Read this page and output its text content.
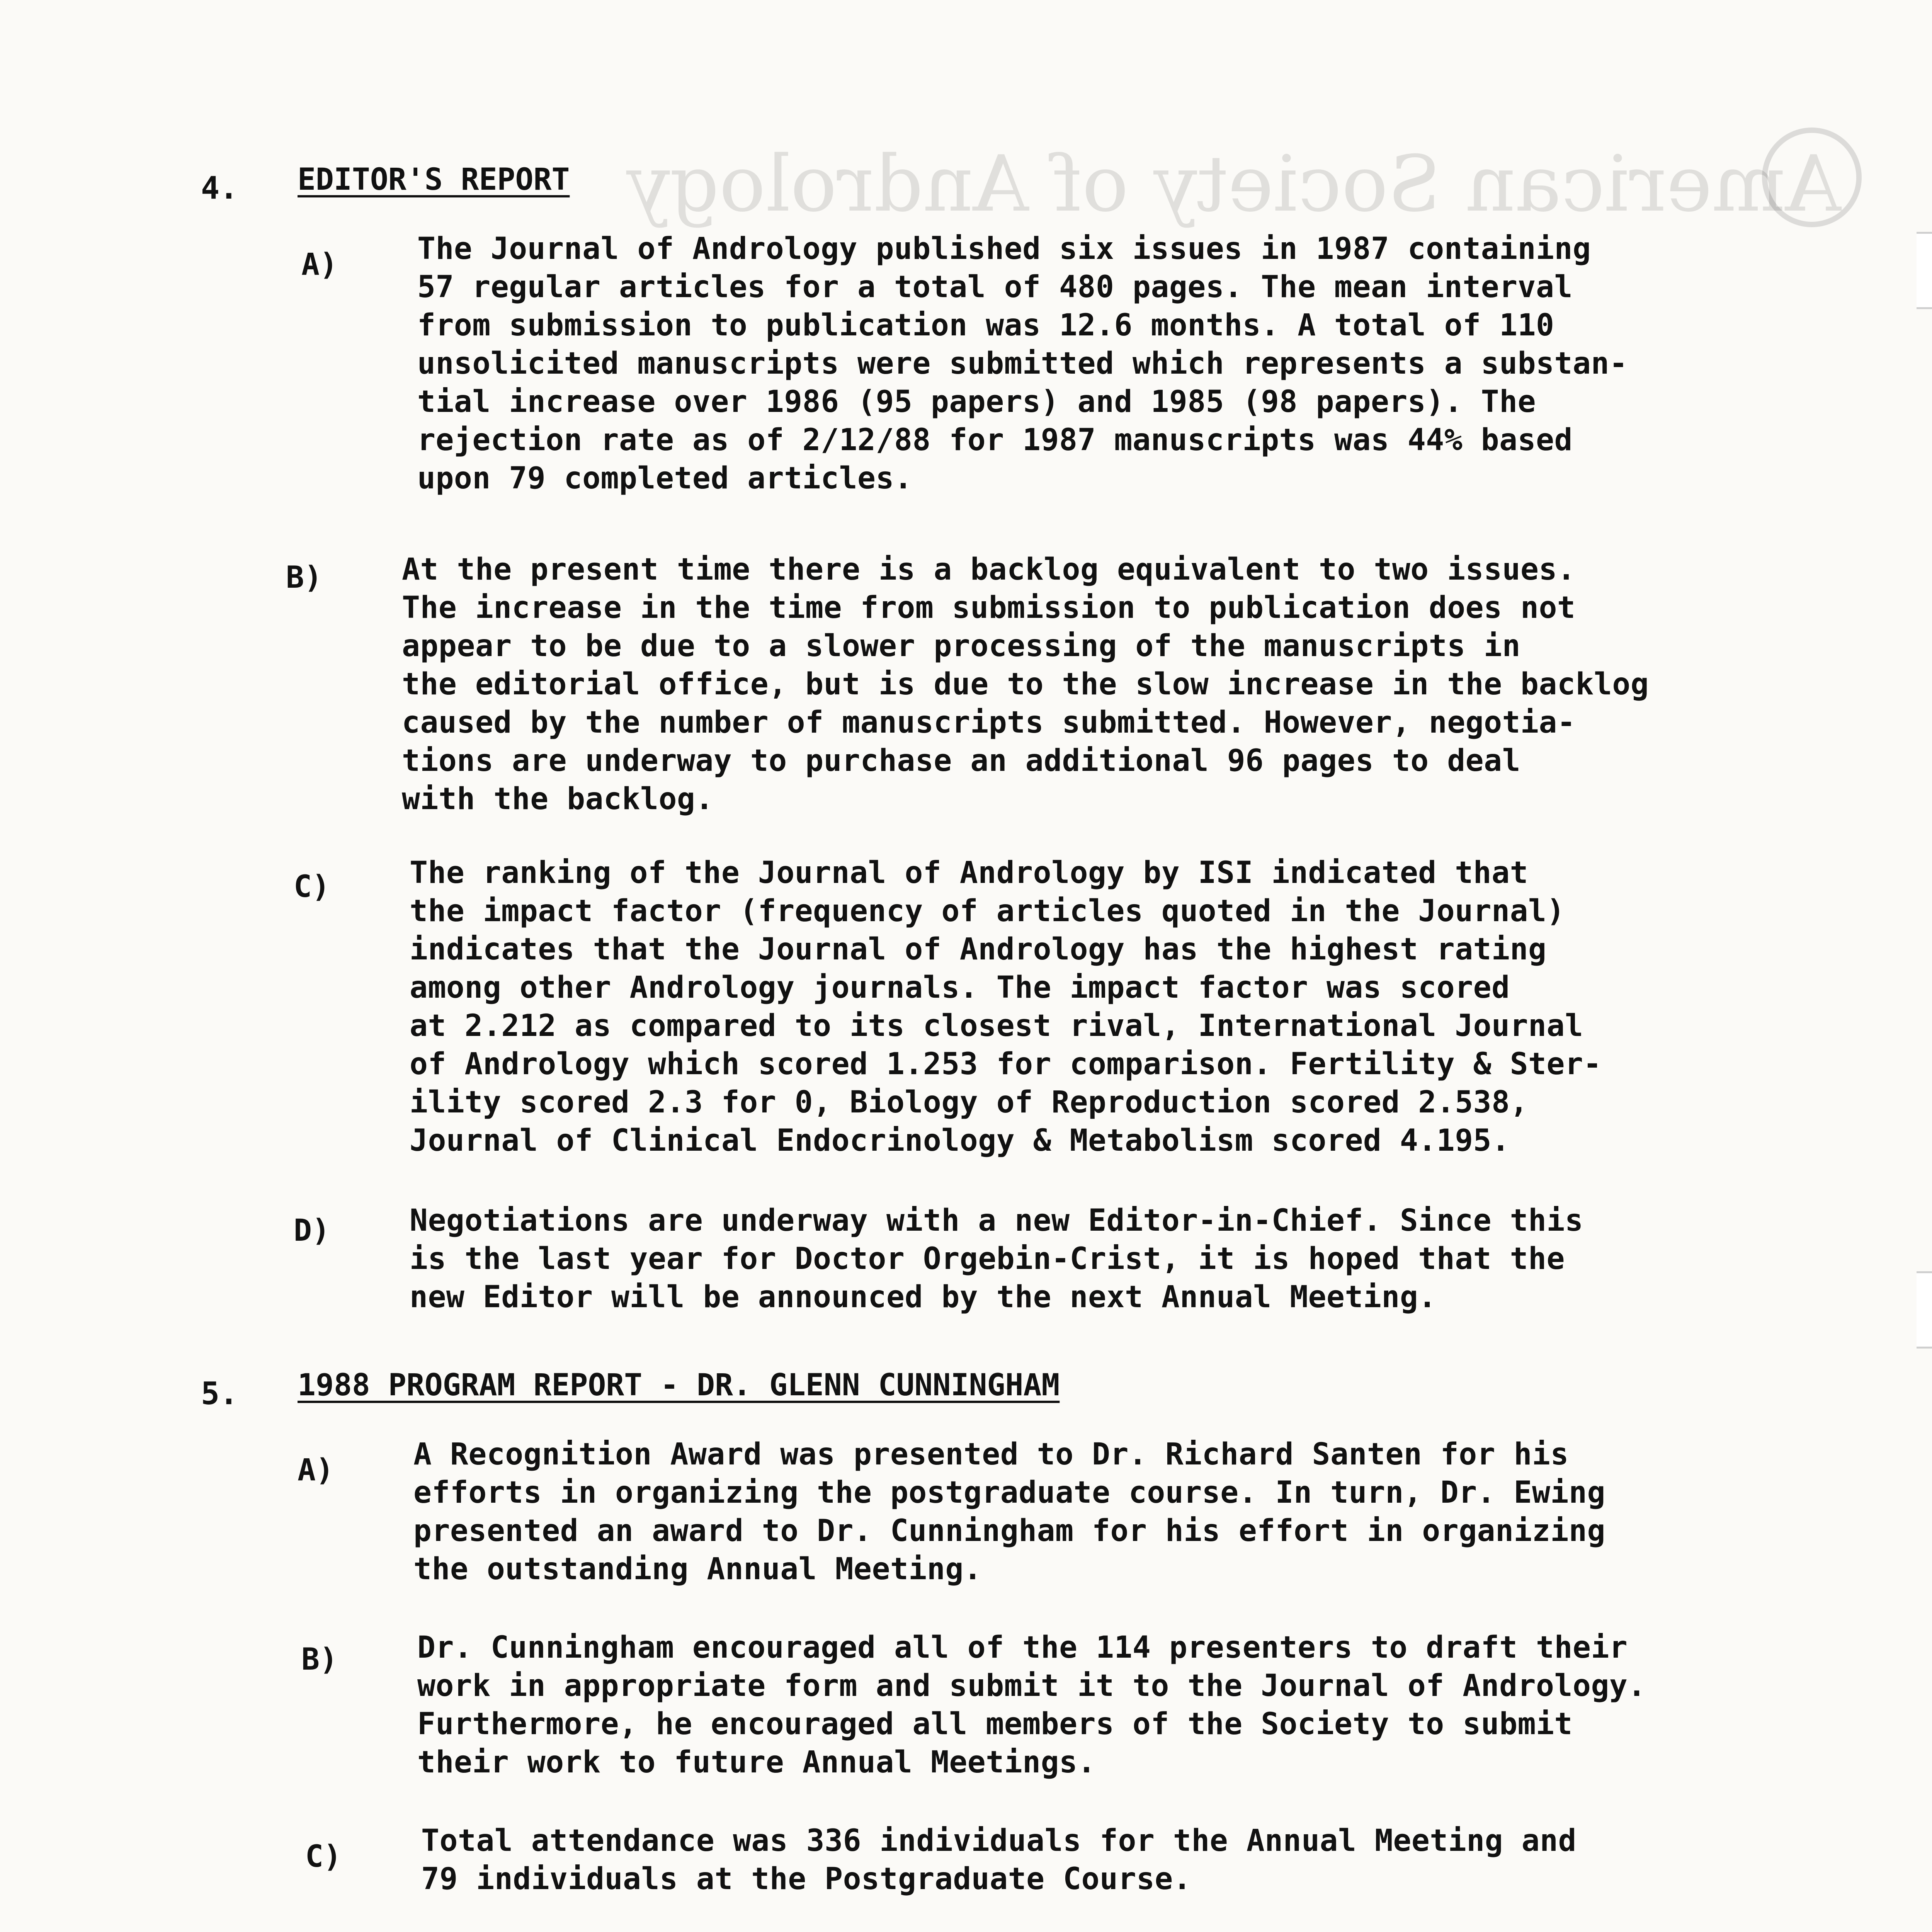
American Society of Andrology
4. EDITOR'S REPORT
A)	The Journal of Andrology published six issues in 1987 containing
57 regular articles for a total of 480 pages. The mean interval
from submission to publication was 12.6 months. A total of 110
unsolicited manuscripts were submitted which represents a substan-
tial increase over 1986 (95 papers) and 1985 (98 papers). The
rejection rate as of 2/12/88 for 1987 manuscripts was 44% based
upon 79 completed articles.
B)	At the present time there is a backlog equivalent to two issues.
The increase in the time from submission to publication does not
appear to be due to a slower processing of the manuscripts in
the editorial office, but is due to the slow increase in the backlog
caused by the number of manuscripts submitted. However, negotia-
tions are underway to purchase an additional 96 pages to deal
with the backlog.
C)	The ranking of the Journal of Andrology by ISI indicated that
the impact factor (frequency of articles quoted in the Journal)
indicates that the Journal of Andrology has the highest rating
among other Andrology journals. The impact factor was scored
at 2.212 as compared to its closest rival, International Journal
of Andrology which scored 1.253 for comparison. Fertility & Ster-
ility scored 2.3 for 0, Biology of Reproduction scored 2.538,
Journal of Clinical Endocrinology & Metabolism scored 4.195.
D)	Negotiations are underway with a new Editor-in-Chief. Since this
is the last year for Doctor Orgebin-Crist, it is hoped that the
new Editor will be announced by the next Annual Meeting.
5. 1988 PROGRAM REPORT - DR. GLENN CUNNINGHAM
A)	A Recognition Award was presented to Dr. Richard Santen for his
efforts in organizing the postgraduate course. In turn, Dr. Ewing
presented an award to Dr. Cunningham for his effort in organizing
the outstanding Annual Meeting.
B)	Dr. Cunningham encouraged all of the 114 presenters to draft their
work in appropriate form and submit it to the Journal of Andrology.
Furthermore, he encouraged all members of the Society to submit
their work to future Annual Meetings.
C)	Total attendance was 336 individuals for the Annual Meeting and
79 individuals at the Postgraduate Course.
